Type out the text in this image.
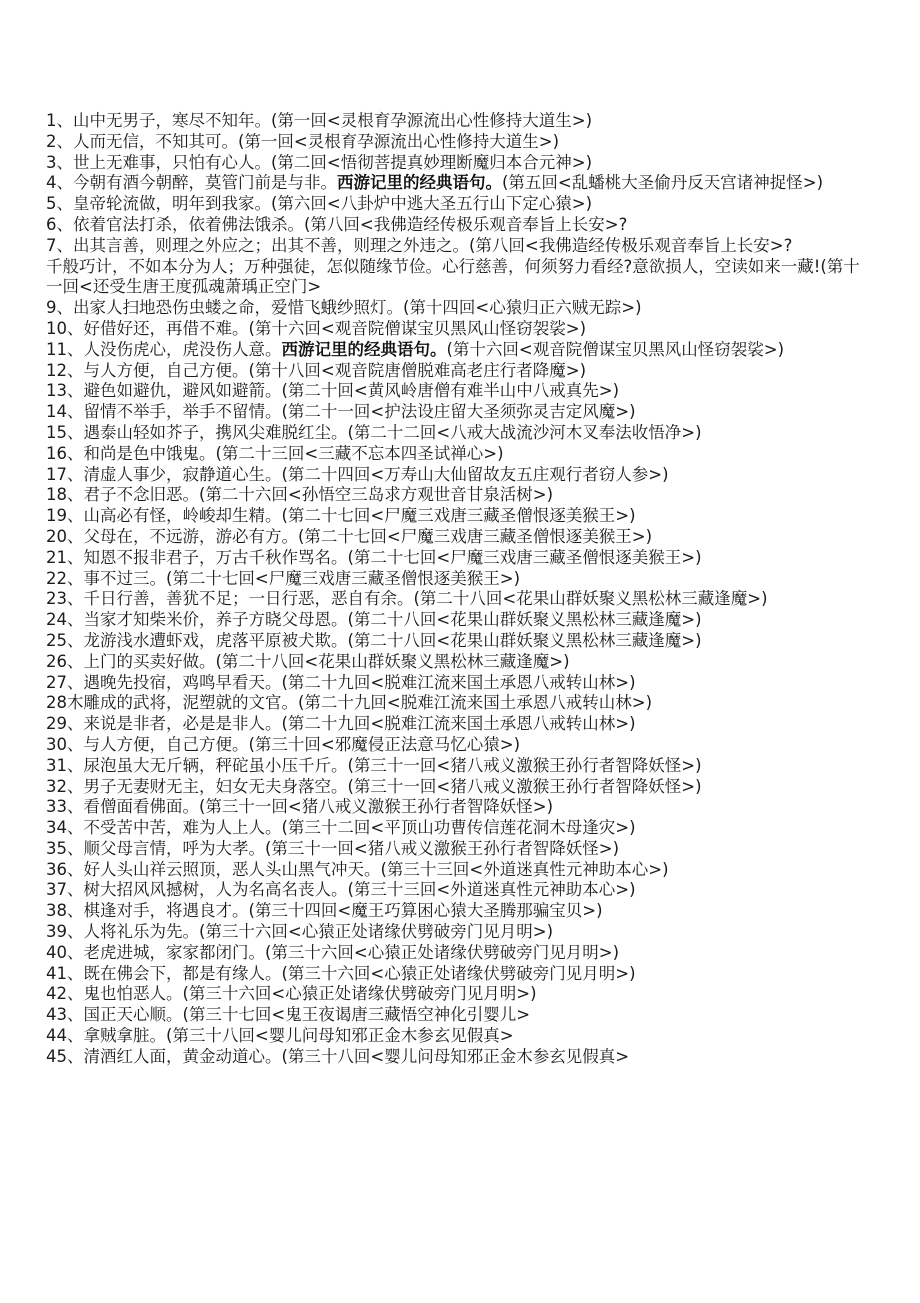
1、山中无男子，寒尽不知年。(第一回<灵根育孕源流出心性修持大道生>)
2、人而无信，不知其可。(第一回<灵根育孕源流出心性修持大道生>)
3、世上无难事，只怕有心人。(第二回<悟彻菩提真妙理断魔归本合元神>)
4、今朝有酒今朝醉，莫管门前是与非。西游记里的经典语句。(第五回<乱蟠桃大圣偷丹反天宫诸神捉怪>)
5、皇帝轮流做，明年到我家。(第六回<八卦炉中逃大圣五行山下定心猿>)
6、依着官法打杀，依着佛法饿杀。(第八回<我佛造经传极乐观音奉旨上长安>?
7、出其言善，则理之外应之；出其不善，则理之外违之。(第八回<我佛造经传极乐观音奉旨上长安>?
千般巧计，不如本分为人；万种强徒，怎似随缘节俭。心行慈善，何须努力看经?意欲损人，空读如来一藏!(第十一回<还受生唐王度孤魂萧瑀正空门>
9、出家人扫地恐伤虫蝼之命，爱惜飞蛾纱照灯。(第十四回<心猿归正六贼无踪>)
10、好借好还，再借不难。(第十六回<观音院僧谋宝贝黑风山怪窃袈裟>)
11、人没伤虎心，虎没伤人意。西游记里的经典语句。(第十六回<观音院僧谋宝贝黑风山怪窃袈裟>)
12、与人方便，自己方便。(第十八回<观音院唐僧脱难高老庄行者降魔>)
13、避色如避仇，避风如避箭。(第二十回<黄风岭唐僧有难半山中八戒真先>)
14、留情不举手，举手不留情。(第二十一回<护法设庄留大圣须弥灵吉定风魔>)
15、遇泰山轻如芥子，携风尖难脱红尘。(第二十二回<八戒大战流沙河木叉奉法收悟净>)
16、和尚是色中饿鬼。(第二十三回<三藏不忘本四圣试禅心>)
17、清虚人事少，寂静道心生。(第二十四回<万寿山大仙留故友五庄观行者窃人参>)
18、君子不念旧恶。(第二十六回<孙悟空三岛求方观世音甘泉活树>)
19、山高必有怪，岭峻却生精。(第二十七回<尸魔三戏唐三藏圣僧恨逐美猴王>)
20、父母在，不远游，游必有方。(第二十七回<尸魔三戏唐三藏圣僧恨逐美猴王>)
21、知恩不报非君子，万古千秋作骂名。(第二十七回<尸魔三戏唐三藏圣僧恨逐美猴王>)
22、事不过三。(第二十七回<尸魔三戏唐三藏圣僧恨逐美猴王>)
23、千日行善，善犹不足；一日行恶，恶自有余。(第二十八回<花果山群妖聚义黑松林三藏逢魔>)
24、当家才知柴米价，养子方晓父母恩。(第二十八回<花果山群妖聚义黑松林三藏逢魔>)
25、龙游浅水遭虾戏，虎落平原被犬欺。(第二十八回<花果山群妖聚义黑松林三藏逢魔>)
26、上门的买卖好做。(第二十八回<花果山群妖聚义黑松林三藏逢魔>)
27、遇晚先投宿，鸡鸣早看天。(第二十九回<脱难江流来国土承恩八戒转山林>)
28木雕成的武将，泥塑就的文官。(第二十九回<脱难江流来国土承恩八戒转山林>)
29、来说是非者，必是是非人。(第二十九回<脱难江流来国土承恩八戒转山林>)
30、与人方便，自己方便。(第三十回<邪魔侵正法意马忆心猿>)
31、尿泡虽大无斤辆，秤砣虽小压千斤。(第三十一回<猪八戒义激猴王孙行者智降妖怪>)
32、男子无妻财无主，妇女无夫身落空。(第三十一回<猪八戒义激猴王孙行者智降妖怪>)
33、看僧面看佛面。(第三十一回<猪八戒义激猴王孙行者智降妖怪>)
34、不受苦中苦，难为人上人。(第三十二回<平顶山功曹传信莲花洞木母逢灾>)
35、顺父母言情，呼为大孝。(第三十一回<猪八戒义激猴王孙行者智降妖怪>)
36、好人头山祥云照顶，恶人头山黑气冲天。(第三十三回<外道迷真性元神助本心>)
37、树大招风风撼树，人为名高名丧人。(第三十三回<外道迷真性元神助本心>)
38、棋逢对手，将遇良才。(第三十四回<魔王巧算困心猿大圣腾那骗宝贝>)
39、人将礼乐为先。(第三十六回<心猿正处诸缘伏劈破旁门见月明>)
40、老虎进城，家家都闭门。(第三十六回<心猿正处诸缘伏劈破旁门见月明>)
41、既在佛会下，都是有缘人。(第三十六回<心猿正处诸缘伏劈破旁门见月明>)
42、鬼也怕恶人。(第三十六回<心猿正处诸缘伏劈破旁门见月明>)
43、国正天心顺。(第三十七回<鬼王夜谒唐三藏悟空神化引婴儿>
44、拿贼拿脏。(第三十八回<婴儿问母知邪正金木参玄见假真>
45、清酒红人面，黄金动道心。(第三十八回<婴儿问母知邪正金木参玄见假真>
